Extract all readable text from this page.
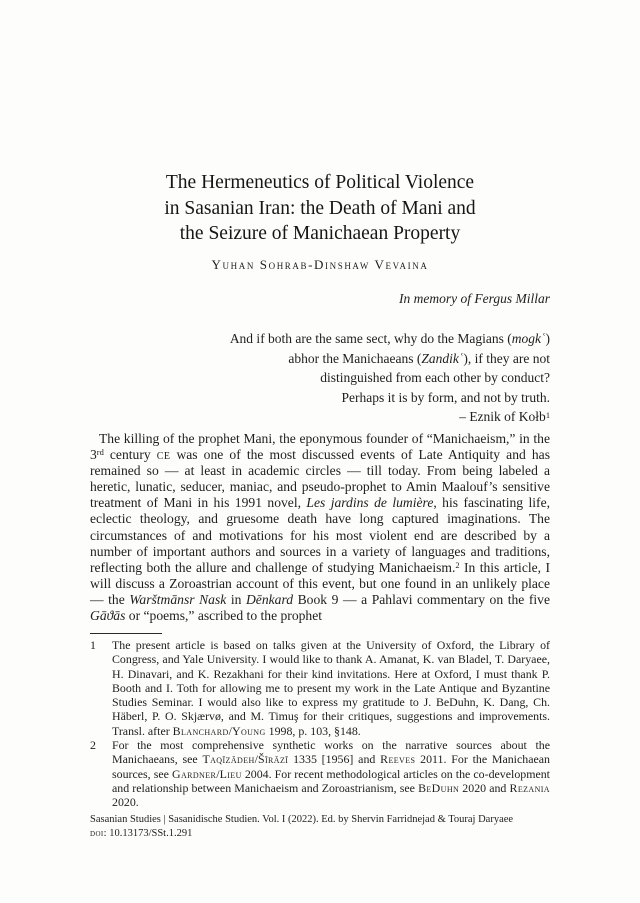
The Hermeneutics of Political Violence
in Sasanian Iran: the Death of Mani and
the Seizure of Manichaean Property
Yuhan Sohrab-Dinshaw Vevaina
In memory of Fergus Millar
And if both are the same sect, why do the Magians (mogkʿ)
abhor the Manichaeans (Zandikʿ), if they are not
distinguished from each other by conduct?
Perhaps it is by form, and not by truth.
– Eznik of Kołb$^1$
The killing of the prophet Mani, the eponymous founder of “Manichaeism,” in the 3rd century ce was one of the most discussed events of Late Antiquity and has remained so — at least in academic circles — till today. From being labeled a heretic, lunatic, seducer, maniac, and pseudo-prophet to Amin Maalouf’s sensitive treatment of Mani in his 1991 novel, Les jardins de lumière, his fascinating life, eclectic theology, and gruesome death have long captured imaginations. The circumstances of and motivations for his most violent end are described by a number of important authors and sources in a variety of languages and traditions, reflecting both the allure and challenge of studying Manichaeism.$^2$ In this article, I will discuss a Zoroastrian account of this event, but one found in an unlikely place — the Warštmānsr Nask in Dēnkard Book 9 — a Pahlavi commentary on the five Gāϑās or “poems,” ascribed to the prophet
1	The present article is based on talks given at the University of Oxford, the Library of Congress, and Yale University. I would like to thank A. Amanat, K. van Bladel, T. Daryaee, H. Dinavari, and K. Rezakhani for their kind invitations. Here at Oxford, I must thank P. Booth and I. Toth for allowing me to present my work in the Late Antique and Byzantine Studies Seminar. I would also like to express my gratitude to J. BeDuhn, K. Dang, Ch. Häberl, P. O. Skjærvø, and M. Timuş for their critiques, suggestions and improvements. Transl. after Blanchard/Young 1998, p. 103, §148.
2	For the most comprehensive synthetic works on the narrative sources about the Manichaeans, see Taqīzādeh/Šīrāzī 1335 [1956] and Reeves 2011. For the Manichaean sources, see Gardner/Lieu 2004. For recent methodological articles on the co-development and relationship between Manichaeism and Zoroastrianism, see BeDuhn 2020 and Rezania 2020.
Sasanian Studies | Sasanidische Studien. Vol. I (2022). Ed. by Shervin Farridnejad & Touraj Daryaee
doi: 10.13173/SSt.1.291
